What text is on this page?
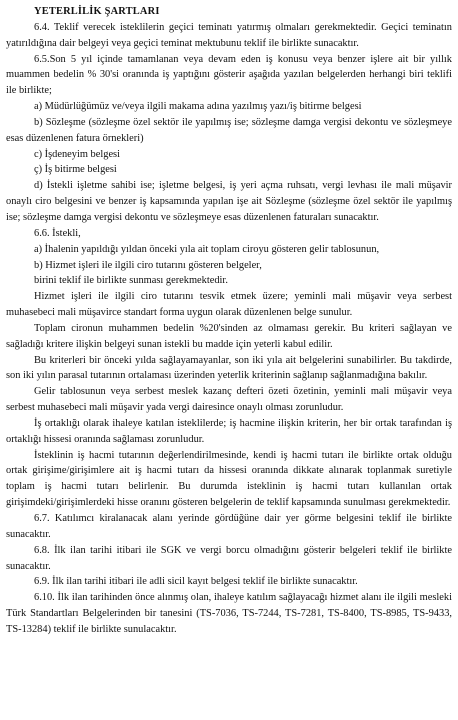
YETERLİLİK ŞARTLARI

6.4. Teklif verecek isteklilerin geçici teminatı yatırmış olmaları gerekmektedir. Geçici teminatın yatırıldığına dair belgeyi veya geçici teminat mektubunu teklif ile birlikte sunacaktır.

6.5.Son 5 yıl içinde tamamlanan veya devam eden iş konusu veya benzer işlere ait bir yıllık muammen bedelin % 30'si oranında iş yaptığını gösterir aşağıda yazılan belgelerden herhangi biri teklifi ile birlikte;

a) Müdürlüğümüz ve/veya ilgili makama adına yazılmış yazı/iş bitirme belgesi

b) Sözleşme (sözleşme özel sektör ile yapılmış ise; sözleşme damga vergisi dekontu ve sözleşmeye esas düzenlenen fatura örnekleri)

c) İşdeneyim belgesi

ç) İş bitirme belgesi

d) İstekli işletme sahibi ise; işletme belgesi, iş yeri açma ruhsatı, vergi levhası ile mali müşavir onaylı ciro belgesini ve benzer iş kapsamında yapılan işe ait Sözleşme (sözleşme özel sektör ile yapılmış ise; sözleşme damga vergisi dekontu ve sözleşmeye esas düzenlenen faturaları sunacaktır.

6.6. İstekli,

a) İhalenin yapıldığı yıldan önceki yıla ait toplam ciroyu gösteren gelir tablosunun,

b) Hizmet işleri ile ilgili ciro tutarını gösteren belgeler,

birini teklif ile birlikte sunması gerekmektedir.

Hizmet işleri ile ilgili ciro tutarını tesvik etmek üzere; yeminli mali müşavir veya serbest muhasebeci mali müşavirce standart forma uygun olarak düzenlenen belge sunulur.

Toplam cironun muhammen bedelin %20'sinden az olmaması gerekir. Bu kriteri sağlayan ve sağladığı kritere ilişkin belgeyi sunan istekli bu madde için yeterli kabul edilir.

Bu kriterleri bir önceki yılda sağlayamayanlar, son iki yıla ait belgelerini sunabilirler. Bu takdirde, son iki yılın parasal tutarının ortalaması üzerinden yeterlik kriterinin sağlanıp sağlanmadığına bakılır.

Gelir tablosunun veya serbest meslek kazanç defteri özeti özetinin, yeminli mali müşavir veya serbest muhasebeci mali müşavir yada vergi dairesince onaylı olması zorunludur.

İş ortaklığı olarak ihaleye katılan isteklilerde; iş hacmine ilişkin kriterin, her bir ortak tarafından iş ortaklığı hissesi oranında sağlaması zorunludur.

İsteklinin iş hacmi tutarının değerlendirilmesinde, kendi iş hacmi tutarı ile birlikte ortak olduğu ortak girişime/girişimlere ait iş hacmi tutarı da hissesi oranında dikkate alınarak toplanmak suretiyle toplam iş hacmi tutarı belirlenir. Bu durumda isteklinin iş hacmi tutarı kullanılan ortak girişimdeki/girişimlerdeki hisse oranını gösteren belgelerin de teklif kapsamında sunulması gerekmektedir.

6.7. Katılımcı kiralanacak alanı yerinde gördüğüne dair yer görme belgesini teklif ile birlikte sunacaktır.

6.8. İlk ilan tarihi itibari ile SGK ve vergi borcu olmadığını gösterir belgeleri teklif ile birlikte sunacaktır.

6.9. İlk ilan tarihi itibari ile adli sicil kayıt belgesi teklif ile birlikte sunacaktır.

6.10. İlk ilan tarihinden önce alınmış olan, ihaleye katılım sağlayacağı hizmet alanı ile ilgili mesleki Türk Standartları Belgelerinden bir tanesini (TS-7036, TS-7244, TS-7281, TS-8400, TS-8985, TS-9433, TS-13284) teklif ile birlikte sunulacaktır.
